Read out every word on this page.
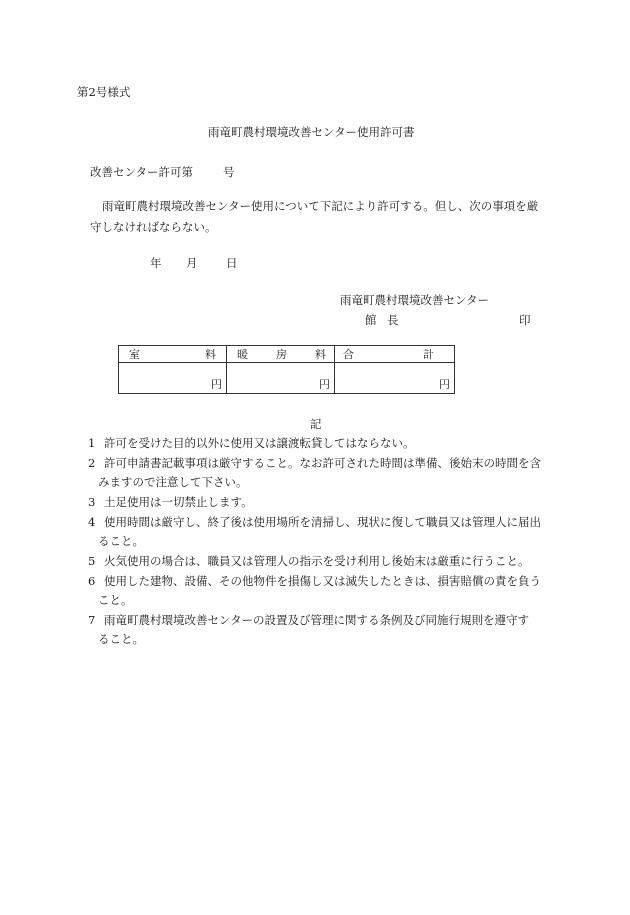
第2号様式
雨竜町農村環境改善センター使用許可書
改善センター許可第	号
雨竜町農村環境改善センター使用について下記により許可する。但し、次の事項を厳
守しなければならない。
年 月 日
雨竜町農村環境改善センター
館 長	印
室 料	暖 房 料	合 計

円	円	円
記
1 許可を受けた目的以外に使用又は譲渡転貸してはならない。
2 許可申請書記載事項は厳守すること。なお許可された時間は準備、後始末の時間を含
みますので注意して下さい。
3 土足使用は一切禁止します。
4 使用時間は厳守し、終了後は使用場所を清掃し、現状に復して職員又は管理人に届出
ること。
5 火気使用の場合は、職員又は管理人の指示を受け利用し後始末は厳重に行うこと。
6 使用した建物、設備、その他物件を損傷し又は滅失したときは、損害賠償の責を負う
こと。
7 雨竜町農村環境改善センターの設置及び管理に関する条例及び同施行規則を遵守す
ること。
